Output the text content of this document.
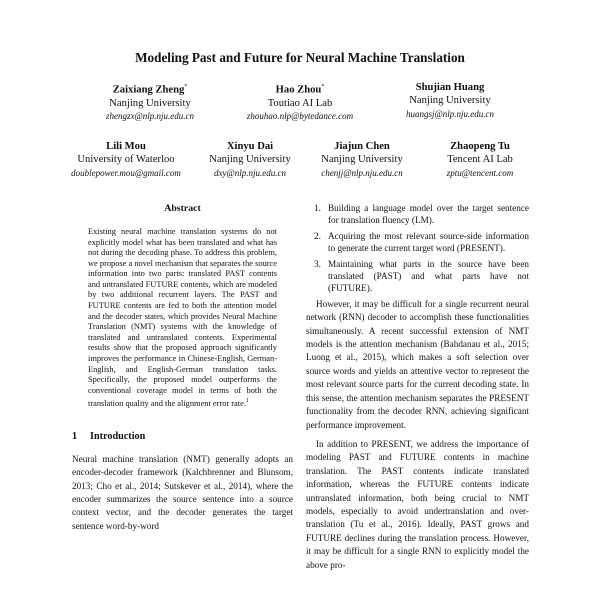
Modeling Past and Future for Neural Machine Translation
Zaixiang Zheng*
Nanjing University
zhengzx@nlp.nju.edu.cn
Hao Zhou*
Toutiao AI Lab
zhouhao.nlp@bytedance.com
Shujian Huang
Nanjing University
huangsj@nlp.nju.edu.cn
Lili Mou
University of Waterloo
doublepower.mou@gmail.com
Xinyu Dai
Nanjing University
dxy@nlp.nju.edu.cn
Jiajun Chen
Nanjing University
chenjj@nlp.nju.edu.cn
Zhaopeng Tu
Tencent AI Lab
zptu@tencent.com
Abstract
Existing neural machine translation systems do not explicitly model what has been translated and what has not during the decoding phase. To address this problem, we propose a novel mechanism that separates the source information into two parts: translated PAST contents and untranslated FUTURE contents, which are modeled by two additional recurrent layers. The PAST and FUTURE contents are fed to both the attention model and the decoder states, which provides Neural Machine Translation (NMT) systems with the knowledge of translated and untranslated contents. Experimental results show that the proposed approach significantly improves the performance in Chinese-English, German-English, and English-German translation tasks. Specifically, the proposed model outperforms the conventional coverage model in terms of both the translation quality and the alignment error rate.$^1$
1 Introduction

Neural machine translation (NMT) generally adopts an encoder-decoder framework (Kalchbrenner and Blunsom, 2013; Cho et al., 2014; Sutskever et al., 2014), where the encoder summarizes the source sentence into a source context vector, and the decoder generates the target sentence word-by-word

1. Building a language model over the target sentence for translation fluency (LM).
2. Acquiring the most relevant source-side information to generate the current target word (PRESENT).
3. Maintaining what parts in the source have been translated (PAST) and what parts have not (FUTURE).

However, it may be difficult for a single recurrent neural network (RNN) decoder to accomplish these functionalities simultaneously. A recent successful extension of NMT models is the attention mechanism (Bahdanau et al., 2015; Luong et al., 2015), which makes a soft selection over source words and yields an attentive vector to represent the most relevant source parts for the current decoding state. In this sense, the attention mechanism separates the PRESENT functionality from the decoder RNN, achieving significant performance improvement.

In addition to PRESENT, we address the importance of modeling PAST and FUTURE contents in machine translation. The PAST contents indicate translated information, whereas the FUTURE contents indicate untranslated information, both being crucial to NMT models, especially to avoid undertranslation and over-translation (Tu et al., 2016). Ideally, PAST grows and FUTURE declines during the translation process. However, it may be difficult for a single RNN to explicitly model the above pro-
